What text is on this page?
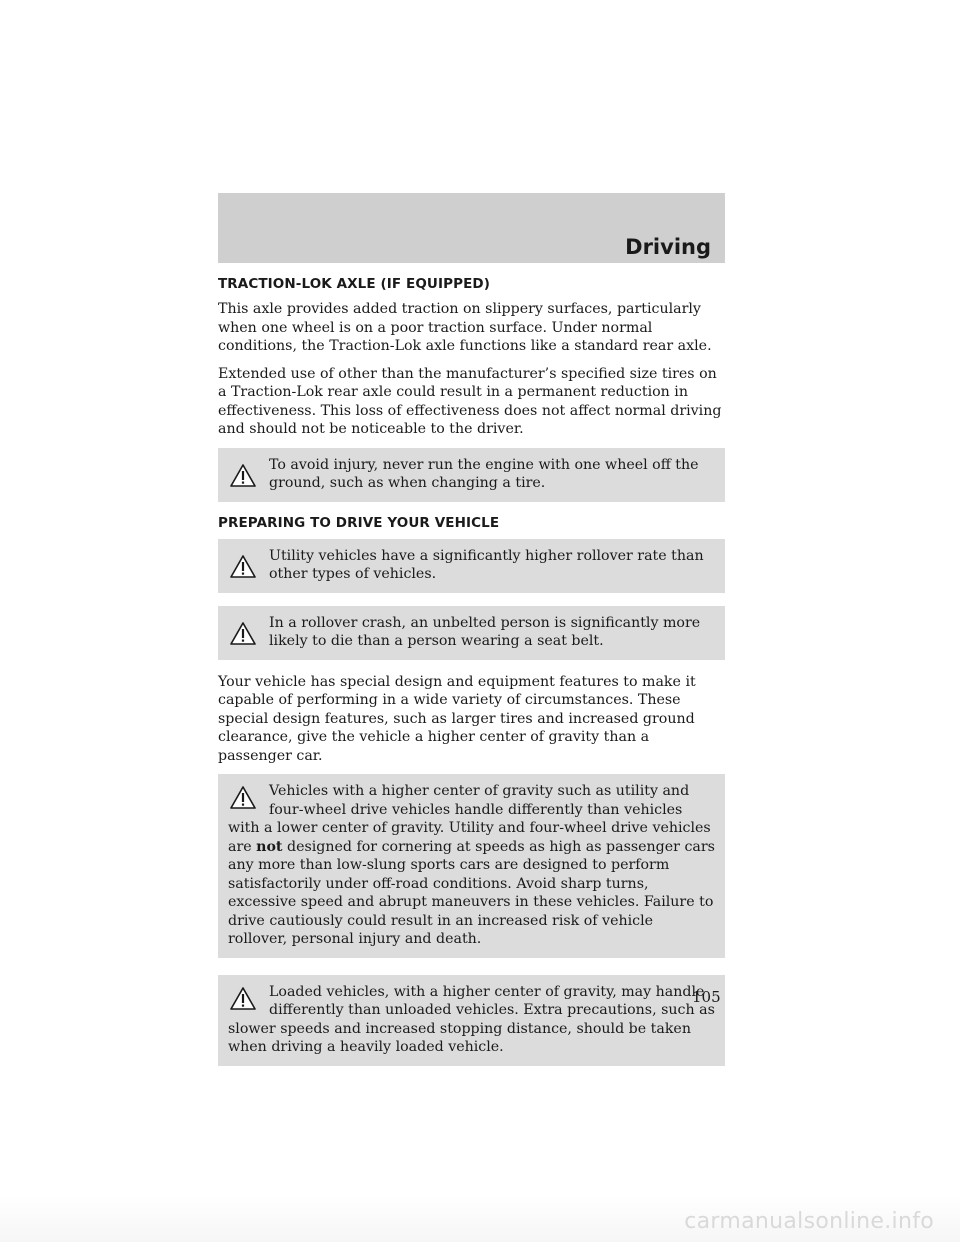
Driving
TRACTION-LOK AXLE (IF EQUIPPED)

This axle provides added traction on slippery surfaces, particularly when one wheel is on a poor traction surface. Under normal conditions, the Traction-Lok axle functions like a standard rear axle.

Extended use of other than the manufacturer’s specified size tires on a Traction-Lok rear axle could result in a permanent reduction in effectiveness. This loss of effectiveness does not affect normal driving and should not be noticeable to the driver.

To avoid injury, never run the engine with one wheel off the ground, such as when changing a tire.
PREPARING TO DRIVE YOUR VEHICLE
Utility vehicles have a significantly higher rollover rate than other types of vehicles.
In a rollover crash, an unbelted person is significantly more likely to die than a person wearing a seat belt.

Your vehicle has special design and equipment features to make it capable of performing in a wide variety of circumstances. These special design features, such as larger tires and increased ground clearance, give the vehicle a higher center of gravity than a passenger car.

Vehicles with a higher center of gravity such as utility and four-wheel drive vehicles handle differently than vehicles with a lower center of gravity. Utility and four-wheel drive vehicles are not designed for cornering at speeds as high as passenger cars any more than low-slung sports cars are designed to perform satisfactorily under off-road conditions. Avoid sharp turns, excessive speed and abrupt maneuvers in these vehicles. Failure to drive cautiously could result in an increased risk of vehicle rollover, personal injury and death.
Loaded vehicles, with a higher center of gravity, may handle differently than unloaded vehicles. Extra precautions, such as slower speeds and increased stopping distance, should be taken when driving a heavily loaded vehicle.
105
carmanualsonline.info
